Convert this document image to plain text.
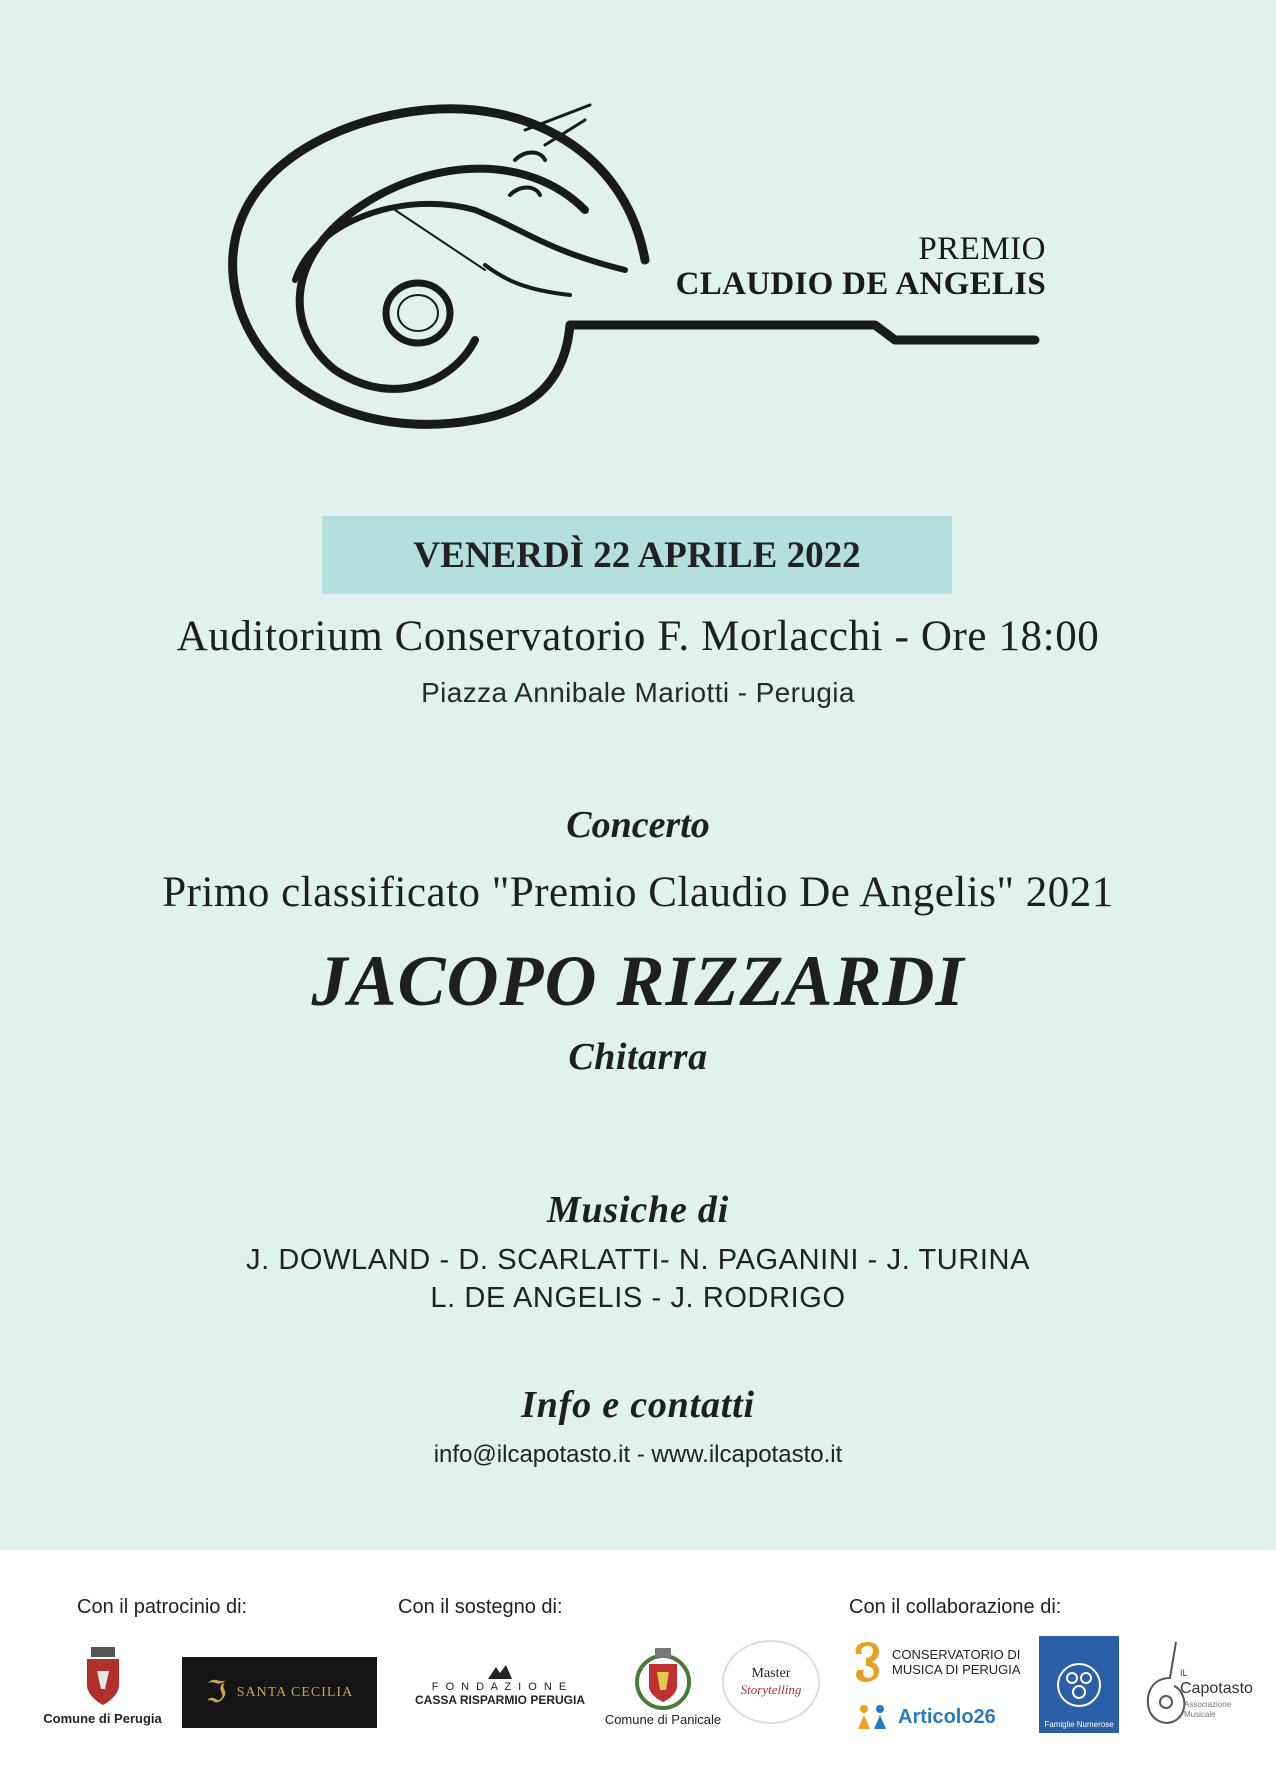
PREMIO
CLAUDIO DE ANGELIS
VENERDÌ 22 APRILE 2022
Auditorium Conservatorio F. Morlacchi - Ore 18:00
Piazza Annibale Mariotti - Perugia
Concerto
Primo classificato "Premio Claudio De Angelis" 2021
JACOPO RIZZARDI
Chitarra
Musiche di
J. DOWLAND - D. SCARLATTI- N. PAGANINI - J. TURINA
L. DE ANGELIS - J. RODRIGO
Info e contatti
info@ilcapotasto.it - www.ilcapotasto.it
Con il patrocinio di:	Con il sostegno di:	Con il collaborazione di:
Comune di Perugia
ℑ SANTA CECILIA	F O N D A Z I O N E
CASSA RISPARMIO PERUGIA
Comune di Panicale
Master
Storytelling
CONSERVATORIO DI
MUSICA DI PERUGIA
Articolo26	Famiglie Numerose
IL
Capotasto
Associazione Musicale
